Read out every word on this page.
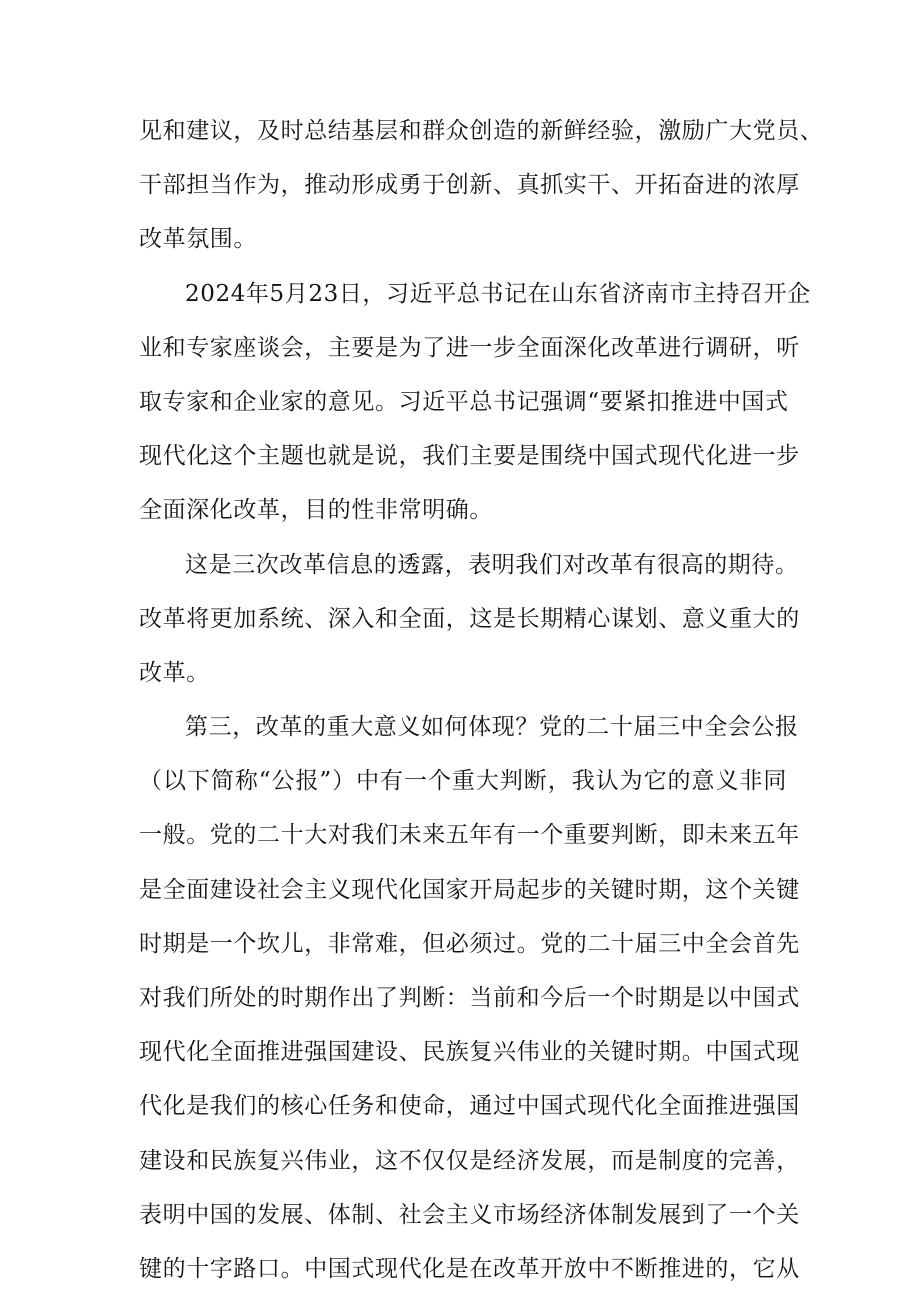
见和建议，及时总结基层和群众创造的新鲜经验，激励广大党员、
干部担当作为，推动形成勇于创新、真抓实干、开拓奋进的浓厚
改革氛围。
2024年5月23日，习近平总书记在山东省济南市主持召开企
业和专家座谈会，主要是为了进一步全面深化改革进行调研，听
取专家和企业家的意见。习近平总书记强调“要紧扣推进中国式
现代化这个主题也就是说，我们主要是围绕中国式现代化进一步
全面深化改革，目的性非常明确。
这是三次改革信息的透露，表明我们对改革有很高的期待。
改革将更加系统、深入和全面，这是长期精心谋划、意义重大的
改革。
第三，改革的重大意义如何体现？党的二十届三中全会公报
（以下简称“公报”）中有一个重大判断，我认为它的意义非同
一般。党的二十大对我们未来五年有一个重要判断，即未来五年
是全面建设社会主义现代化国家开局起步的关键时期，这个关键
时期是一个坎儿，非常难，但必须过。党的二十届三中全会首先
对我们所处的时期作出了判断：当前和今后一个时期是以中国式
现代化全面推进强国建设、民族复兴伟业的关键时期。中国式现
代化是我们的核心任务和使命，通过中国式现代化全面推进强国
建设和民族复兴伟业，这不仅仅是经济发展，而是制度的完善，
表明中国的发展、体制、社会主义市场经济体制发展到了一个关
键的十字路口。中国式现代化是在改革开放中不断推进的，它从
